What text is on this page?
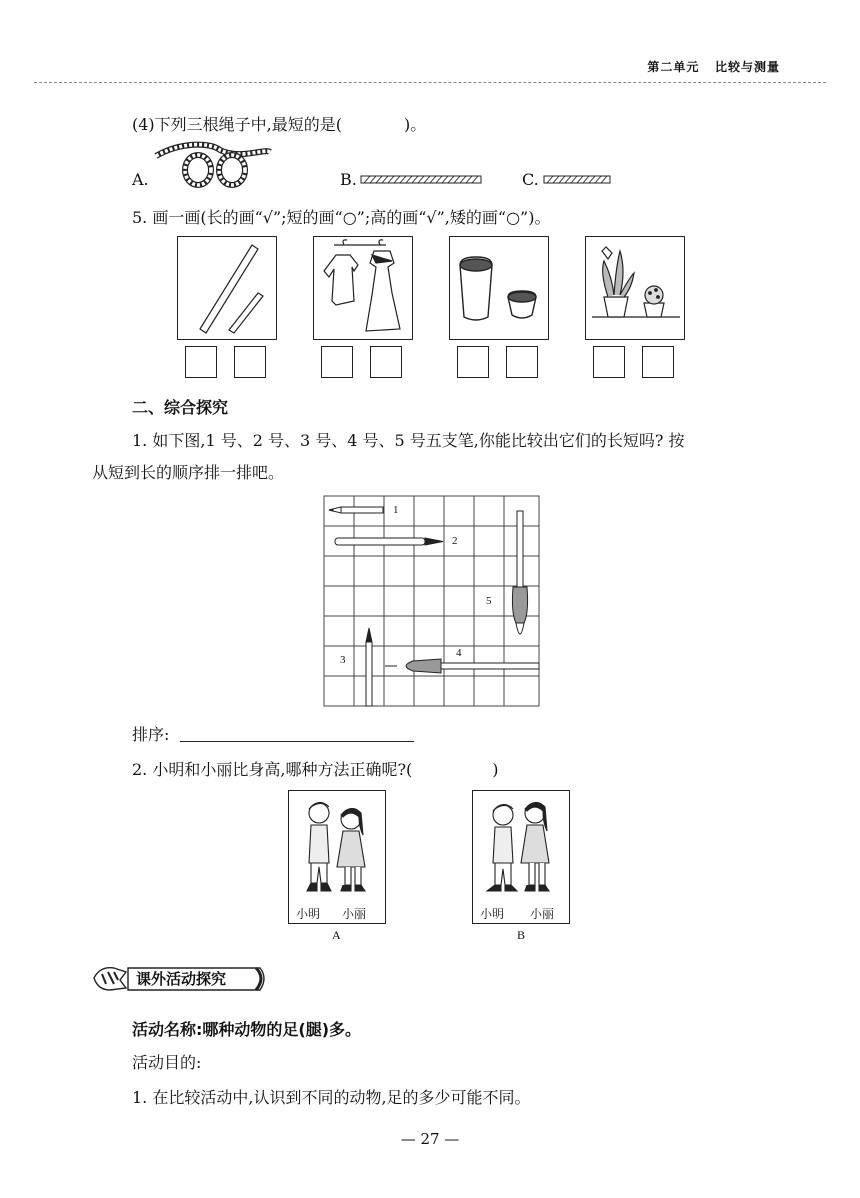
第二单元 比较与测量
(4)下列三根绳子中,最短的是(	)。
A.	B.	C.
5. 画一画(长的画“√”;短的画“○”;高的画“√”,矮的画“○”)。
二、综合探究
1. 如下图,1 号、2 号、3 号、4 号、5 号五支笔,你能比较出它们的长短吗? 按
从短到长的顺序排一排吧。
1
2
3
4
5
排序:
2. 小明和小丽比身高,哪种方法正确呢?(	)
小明 小丽
A
小明 小丽
B
课外活动探究
活动名称:哪种动物的足(腿)多。
活动目的:
1. 在比较活动中,认识到不同的动物,足的多少可能不同。
— 27 —
